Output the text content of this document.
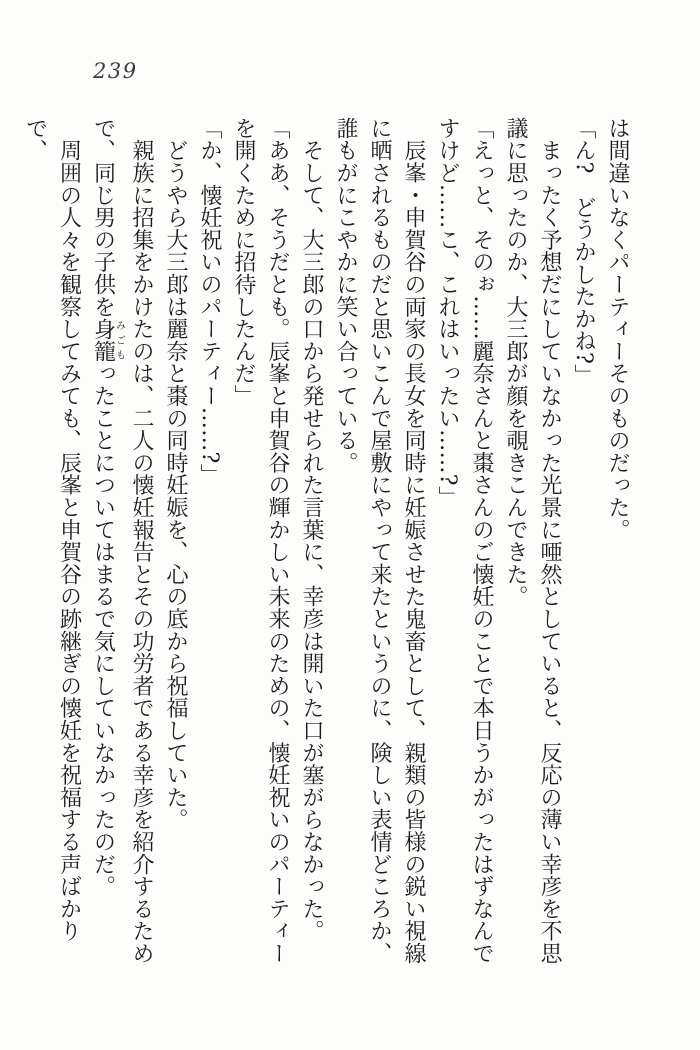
239
は間違いなくパーティーそのものだった。
「ん?　どうかしたかね?」
　まったく予想だにしていなかった光景に唖然としていると、反応の薄い幸彦を不思
議に思ったのか、大三郎が顔を覗きこんできた。
「えっと、そのぉ……麗奈さんと棗さんのご懐妊のことで本日うかがったはずなんで
すけど……こ、これはいったい……?」
　辰峯・申賀谷の両家の長女を同時に妊娠させた鬼畜として、親類の皆様の鋭い視線
に晒されるものだと思いこんで屋敷にやって来たというのに、険しい表情どころか、
誰もがにこやかに笑い合っている。
　そして、大三郎の口から発せられた言葉に、幸彦は開いた口が塞がらなかった。
「ああ、そうだとも。辰峯と申賀谷の輝かしい未来のための、懐妊祝いのパーティー
を開くために招待したんだ」
「か、懐妊祝いのパーティー……?」
　どうやら大三郎は麗奈と棗の同時妊娠を、心の底から祝福していた。
　親族に招集をかけたのは、二人の懐妊報告とその功労者である幸彦を紹介するため
で、同じ男の子供を身籠みごもったことについてはまるで気にしていなかったのだ。
　周囲の人々を観察してみても、辰峯と申賀谷の跡継ぎの懐妊を祝福する声ばかりで、
